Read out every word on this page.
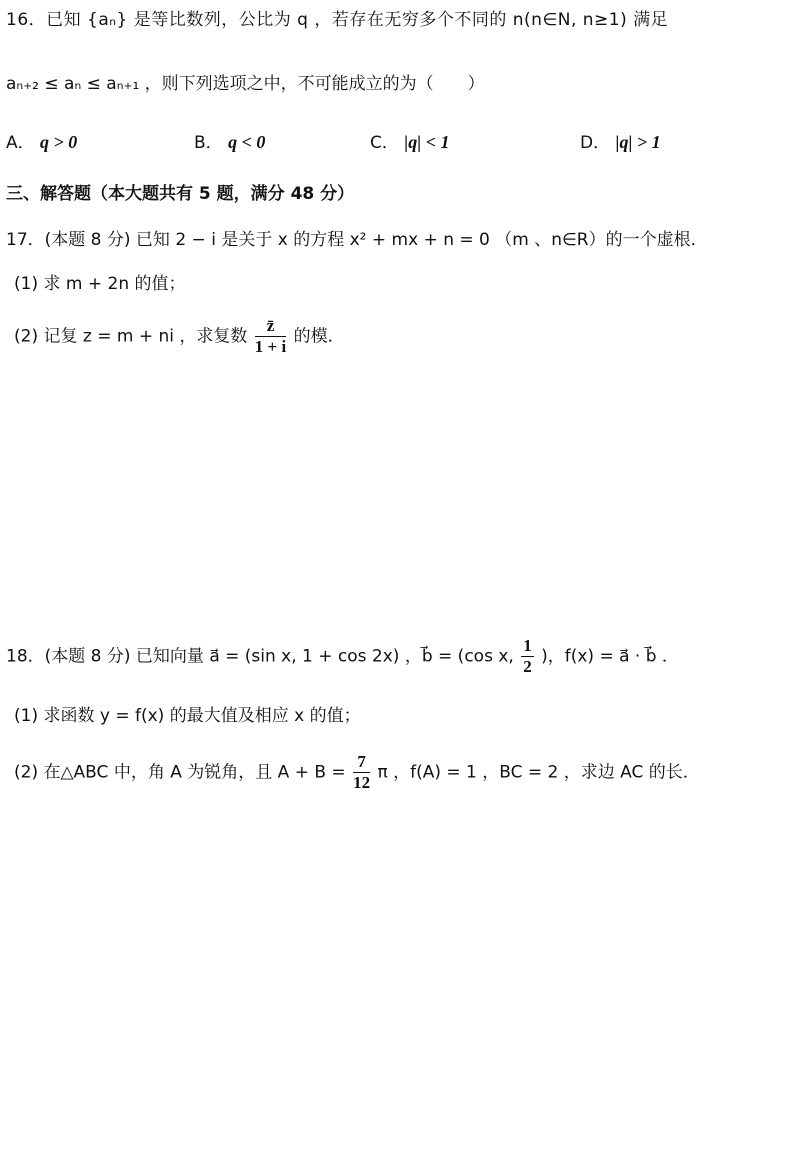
16．已知 {aₙ} 是等比数列，公比为 q ，若存在无穷多个不同的 n(n∈N, n≥1) 满足
aₙ₊₂ ≤ aₙ ≤ aₙ₊₁ ，则下列选项之中，不可能成立的为（　　）
A． q > 0	B． q < 0	C． |q| < 1	D． |q| > 1
三、解答题（本大题共有 5 题，满分 48 分）
17．(本题 8 分) 已知 2 − i 是关于 x 的方程 x² + mx + n = 0 （m 、n∈R）的一个虚根．
(1) 求 m + 2n 的值；
(2) 记复 z = m + ni ，求复数 $\frac{z̄}{1 + i}$ 的模．
18．(本题 8 分) 已知向量 a⃗ = (sin x, 1 + cos 2x) ，b⃗ = (cos x, $\frac{1}{2}$ )，f(x) = a⃗ · b⃗ ．
(1) 求函数 y = f(x) 的最大值及相应 x 的值；
(2) 在△ABC 中，角 A 为锐角，且 $A + B = \frac{7}{12}$ π ，f(A) = 1 ，BC = 2 ，求边 AC 的长．
